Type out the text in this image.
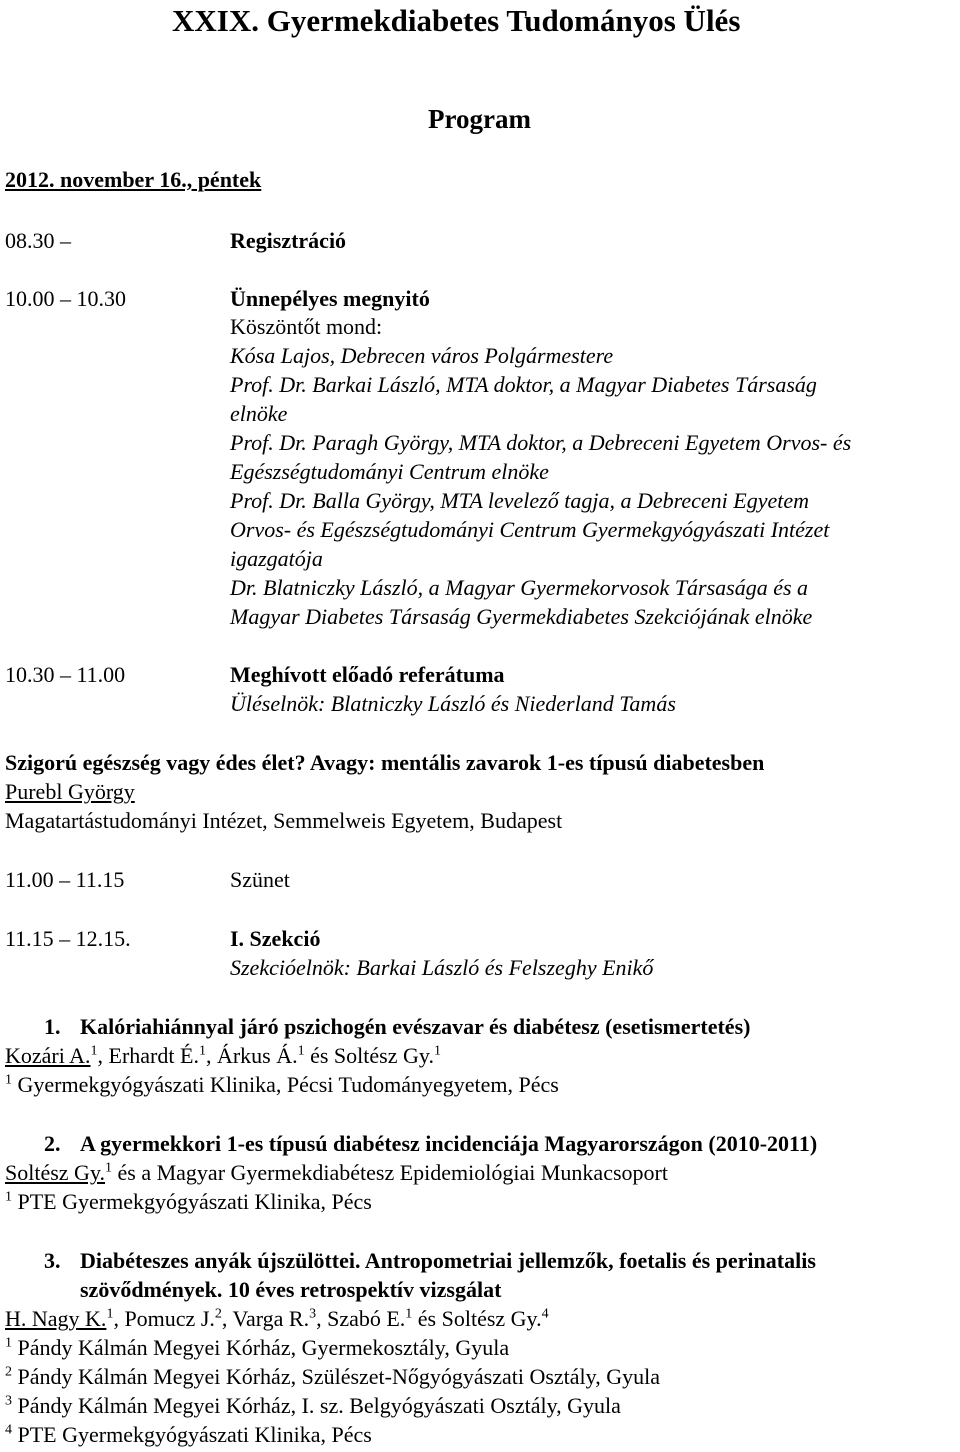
XXIX. Gyermekdiabetes Tudományos Ülés
Program
2012. november 16., péntek
08.30 –	Regisztráció
10.00 – 10.30	Ünnepélyes megnyitó
Köszöntőt mond:
Kósa Lajos, Debrecen város Polgármestere
Prof. Dr. Barkai László, MTA doktor, a Magyar Diabetes Társaság
elnöke
Prof. Dr. Paragh György, MTA doktor, a Debreceni Egyetem Orvos- és
Egészségtudományi Centrum elnöke
Prof. Dr. Balla György, MTA levelező tagja, a Debreceni Egyetem
Orvos- és Egészségtudományi Centrum Gyermekgyógyászati Intézet
igazgatója
Dr. Blatniczky László, a Magyar Gyermekorvosok Társasága és a
Magyar Diabetes Társaság Gyermekdiabetes Szekciójának elnöke
10.30 – 11.00	Meghívott előadó referátuma
Üléselnök: Blatniczky László és Niederland Tamás
Szigorú egészség vagy édes élet? Avagy: mentális zavarok 1-es típusú diabetesben
Purebl György
Magatartástudományi Intézet, Semmelweis Egyetem, Budapest
11.00 – 11.15	Szünet
11.15 – 12.15.	I. Szekció
Szekcióelnök: Barkai László és Felszeghy Enikő
1. Kalóriahiánnyal járó pszichogén evészavar és diabétesz (esetismertetés)
Kozári A.$^1$, Erhardt É.$^1$, Árkus Á.$^1$ és Soltész Gy.$^1$
$^1$ Gyermekgyógyászati Klinika, Pécsi Tudományegyetem, Pécs
2. A gyermekkori 1-es típusú diabétesz incidenciája Magyarországon (2010-2011)
Soltész Gy.$^1$ és a Magyar Gyermekdiabétesz Epidemiológiai Munkacsoport
$^1$ PTE Gyermekgyógyászati Klinika, Pécs
3. Diabéteszes anyák újszülöttei. Antropometriai jellemzők, foetalis és perinatalis
szövődmények. 10 éves retrospektív vizsgálat
H. Nagy K.$^1$, Pomucz J.$^2$, Varga R.$^3$, Szabó E.$^1$ és Soltész Gy.$^4$
$^1$ Pándy Kálmán Megyei Kórház, Gyermekosztály, Gyula
$^2$ Pándy Kálmán Megyei Kórház, Szülészet-Nőgyógyászati Osztály, Gyula
$^3$ Pándy Kálmán Megyei Kórház, I. sz. Belgyógyászati Osztály, Gyula
$^4$ PTE Gyermekgyógyászati Klinika, Pécs
